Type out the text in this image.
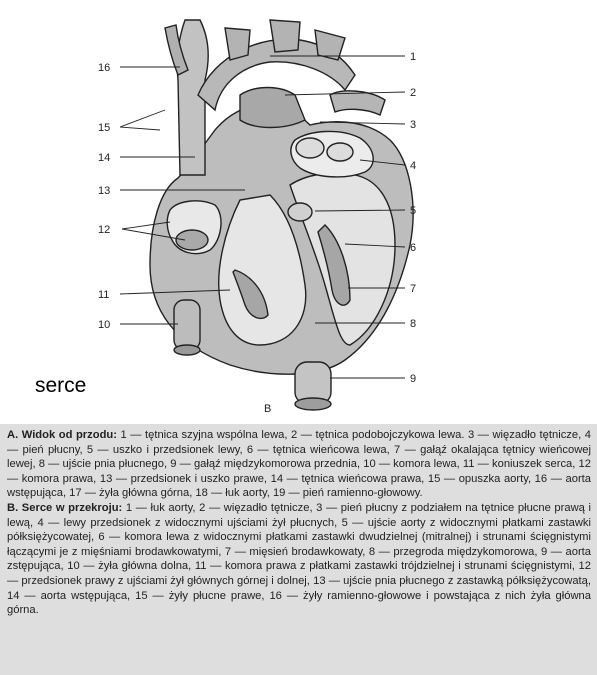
1
2
3
4
5
6
7
8
9
10
11
12
13
14
15
16
B

serce

A. Widok od przodu: 1 — tętnica szyjna wspólna lewa, 2 — tętnica podobojczykowa lewa. 3 — więzadło tętnicze, 4 — pień płucny, 5 — uszko i przedsionek lewy, 6 — tętnica wieńcowa lewa, 7 — gałąź okalająca tętnicy wieńcowej lewej, 8 — ujście pnia płucnego, 9 — gałąź międzykomorowa przednia, 10 — komora lewa, 11 — koniuszek serca, 12 — komora prawa, 13 — przedsionek i uszko prawe, 14 — tętnica wieńcowa prawa, 15 — opuszka aorty, 16 — aorta wstępująca, 17 — żyła główna górna, 18 — łuk aorty, 19 — pień ramienno-głowowy.

B. Serce w przekroju: 1 — łuk aorty, 2 — więzadło tętnicze, 3 — pień płucny z podziałem na tętnice płucne prawą i lewą, 4 — lewy przedsionek z widocznymi ujściami żył płucnych, 5 — ujście aorty z widocznymi płatkami zastawki półksiężycowatej, 6 — komora lewa z widocznymi płatkami zastawki dwudzielnej (mitralnej) i strunami ścięgnistymi łączącymi je z mięśniami brodawkowatymi, 7 — mięsień brodawkowaty, 8 — przegroda międzykomorowa, 9 — aorta zstępująca, 10 — żyła główna dolna, 11 — komora prawa z płatkami zastawki trójdzielnej i strunami ścięgnistymi, 12 — przedsionek prawy z ujściami żył głównych górnej i dolnej, 13 — ujście pnia płucnego z zastawką półksiężycowatą, 14 — aorta wstępująca, 15 — żyły płucne prawe, 16 — żyły ramienno-głowowe i powstająca z nich żyła główna górna.
